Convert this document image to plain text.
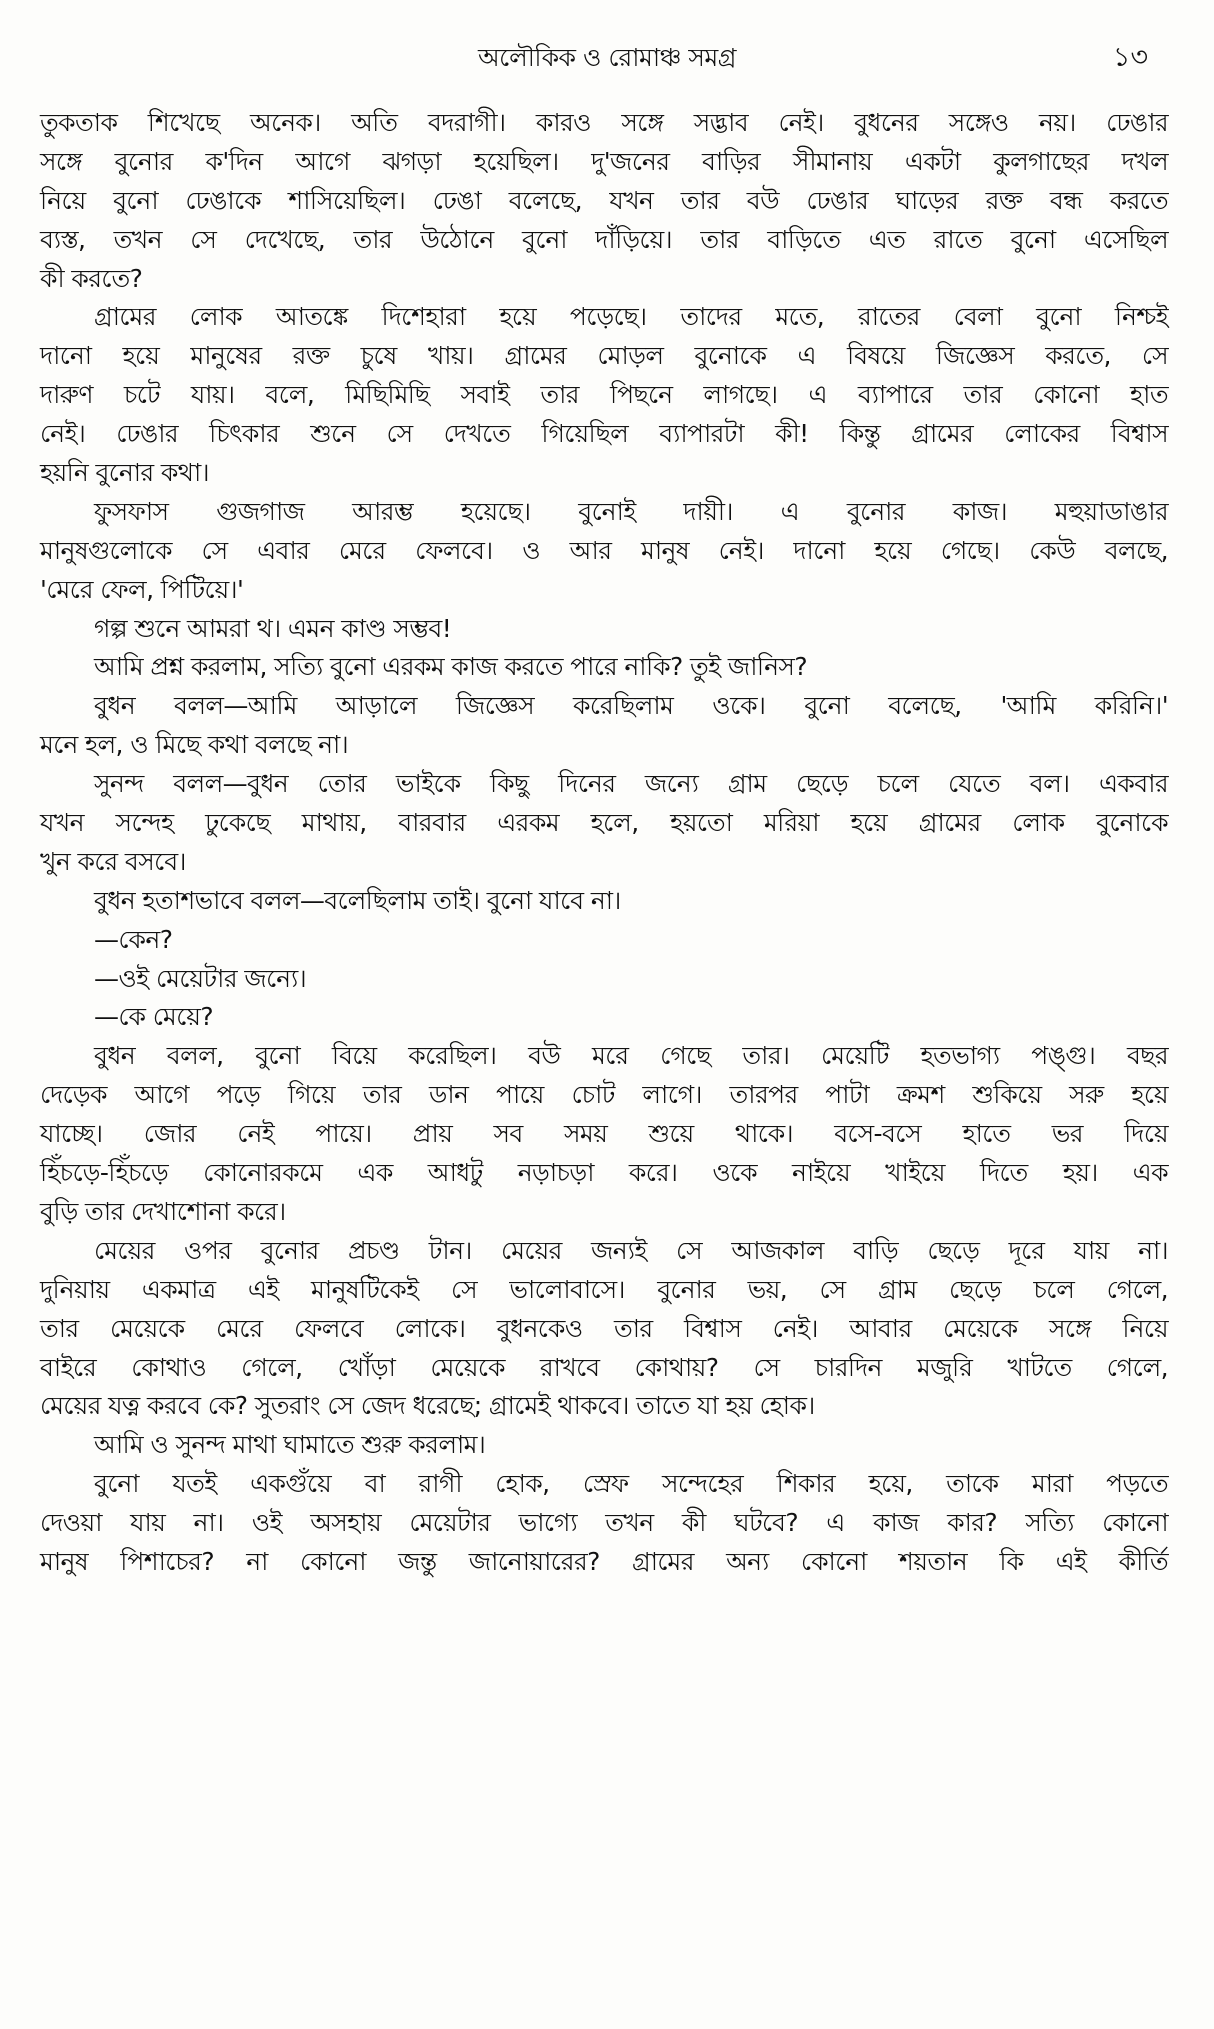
অলৌকিক ও রোমাঞ্চ সমগ্র	১৩
তুকতাক শিখেছে অনেক। অতি বদরাগী। কারও সঙ্গে সদ্ভাব নেই। বুধনের সঙ্গেও নয়। ঢেঙার
সঙ্গে বুনোর ক'দিন আগে ঝগড়া হয়েছিল। দু'জনের বাড়ির সীমানায় একটা কুলগাছের দখল
নিয়ে বুনো ঢেঙাকে শাসিয়েছিল। ঢেঙা বলেছে, যখন তার বউ ঢেঙার ঘাড়ের রক্ত বন্ধ করতে
ব্যস্ত, তখন সে দেখেছে, তার উঠোনে বুনো দাঁড়িয়ে। তার বাড়িতে এত রাতে বুনো এসেছিল
কী করতে?
গ্রামের লোক আতঙ্কে দিশেহারা হয়ে পড়েছে। তাদের মতে, রাতের বেলা বুনো নিশ্চই
দানো হয়ে মানুষের রক্ত চুষে খায়। গ্রামের মোড়ল বুনোকে এ বিষয়ে জিজ্ঞেস করতে, সে
দারুণ চটে যায়। বলে, মিছিমিছি সবাই তার পিছনে লাগছে। এ ব্যাপারে তার কোনো হাত
নেই। ঢেঙার চিৎকার শুনে সে দেখতে গিয়েছিল ব্যাপারটা কী! কিন্তু গ্রামের লোকের বিশ্বাস
হয়নি বুনোর কথা।
ফুসফাস গুজগাজ আরম্ভ হয়েছে। বুনোই দায়ী। এ বুনোর কাজ। মহুয়াডাঙার
মানুষগুলোকে সে এবার মেরে ফেলবে। ও আর মানুষ নেই। দানো হয়ে গেছে। কেউ বলছে,
'মেরে ফেল, পিটিয়ে।'
গল্প শুনে আমরা থ। এমন কাণ্ড সম্ভব!
আমি প্রশ্ন করলাম, সত্যি বুনো এরকম কাজ করতে পারে নাকি? তুই জানিস?
বুধন বলল—আমি আড়ালে জিজ্ঞেস করেছিলাম ওকে। বুনো বলেছে, 'আমি করিনি।'
মনে হল, ও মিছে কথা বলছে না।
সুনন্দ বলল—বুধন তোর ভাইকে কিছু দিনের জন্যে গ্রাম ছেড়ে চলে যেতে বল। একবার
যখন সন্দেহ ঢুকেছে মাথায়, বারবার এরকম হলে, হয়তো মরিয়া হয়ে গ্রামের লোক বুনোকে
খুন করে বসবে।
বুধন হতাশভাবে বলল—বলেছিলাম তাই। বুনো যাবে না।
—কেন?
—ওই মেয়েটার জন্যে।
—কে মেয়ে?
বুধন বলল, বুনো বিয়ে করেছিল। বউ মরে গেছে তার। মেয়েটি হতভাগ্য পঙ্গু। বছর
দেড়েক আগে পড়ে গিয়ে তার ডান পায়ে চোট লাগে। তারপর পাটা ক্রমশ শুকিয়ে সরু হয়ে
যাচ্ছে। জোর নেই পায়ে। প্রায় সব সময় শুয়ে থাকে। বসে-বসে হাতে ভর দিয়ে
হিঁচড়ে-হিঁচড়ে কোনোরকমে এক আধটু নড়াচড়া করে। ওকে নাইয়ে খাইয়ে দিতে হয়। এক
বুড়ি তার দেখাশোনা করে।
মেয়ের ওপর বুনোর প্রচণ্ড টান। মেয়ের জন্যই সে আজকাল বাড়ি ছেড়ে দূরে যায় না।
দুনিয়ায় একমাত্র এই মানুষটিকেই সে ভালোবাসে। বুনোর ভয়, সে গ্রাম ছেড়ে চলে গেলে,
তার মেয়েকে মেরে ফেলবে লোকে। বুধনকেও তার বিশ্বাস নেই। আবার মেয়েকে সঙ্গে নিয়ে
বাইরে কোথাও গেলে, খোঁড়া মেয়েকে রাখবে কোথায়? সে চারদিন মজুরি খাটতে গেলে,
মেয়ের যত্ন করবে কে? সুতরাং সে জেদ ধরেছে; গ্রামেই থাকবে। তাতে যা হয় হোক।
আমি ও সুনন্দ মাথা ঘামাতে শুরু করলাম।
বুনো যতই একগুঁয়ে বা রাগী হোক, স্রেফ সন্দেহের শিকার হয়ে, তাকে মারা পড়তে
দেওয়া যায় না। ওই অসহায় মেয়েটার ভাগ্যে তখন কী ঘটবে? এ কাজ কার? সত্যি কোনো
মানুষ পিশাচের? না কোনো জন্তু জানোয়ারের? গ্রামের অন্য কোনো শয়তান কি এই কীর্তি
